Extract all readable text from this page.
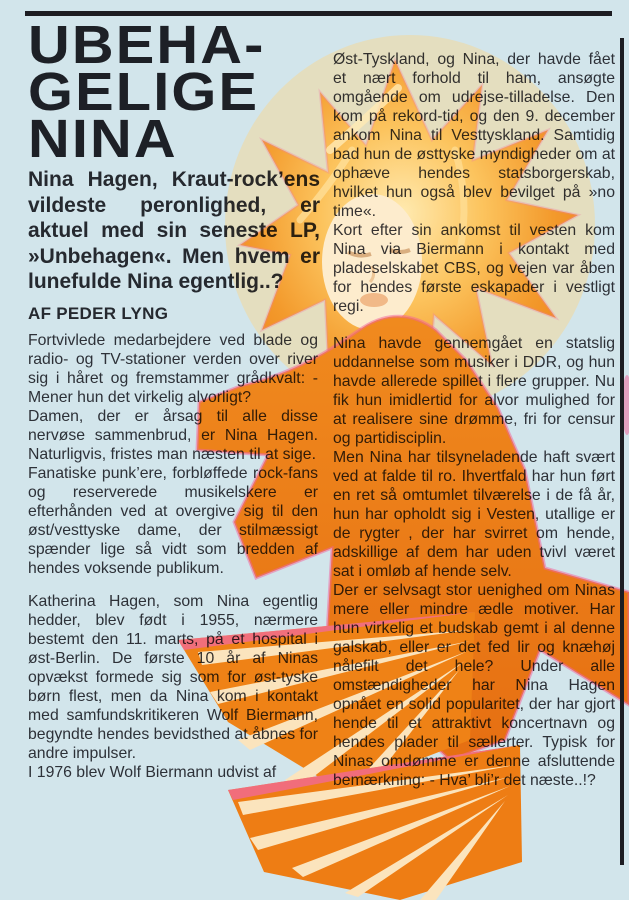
UBEHA-
GELIGE
NINA

Nina Hagen, Kraut-rock’ens vildeste peronlighed, er aktuel med sin seneste LP, »Unbehagen«. Men hvem er lunefulde Nina egentlig..?

AF PEDER LYNG

Fortvivlede medarbejdere ved blade og radio- og TV-stationer verden over river sig i håret og fremstammer grådkvalt: - Mener hun det virkelig alvorligt?

Damen, der er årsag til alle disse nervøse sammenbrud, er Nina Hagen. Naturligvis, fristes man næsten til at sige.

Fanatiske punk’ere, forbløffede rock-fans og reserverede musikelskere er efterhånden ved at overgive sig til den øst/vesttyske dame, der stilmæssigt spænder lige så vidt som bredden af hendes voksende publikum.

Katherina Hagen, som Nina egentlig hedder, blev født i 1955, nærmere bestemt den 11. marts, på et hospital i øst-Berlin. De første 10 år af Ninas opvækst formede sig som for øst-tyske børn flest, men da Nina kom i kontakt med samfundskritikeren Wolf Biermann, begyndte hendes bevidsthed at åbnes for andre impulser.

I 1976 blev Wolf Biermann udvist af

Øst-Tyskland, og Nina, der havde fået et nært forhold til ham, ansøgte omgående om udrejse-tilladelse. Den kom på rekord-tid, og den 9. december ankom Nina til Vesttyskland. Samtidig bad hun de østtyske myndigheder om at ophæve hendes statsborgerskab, hvilket hun også blev bevilget på »no time«.

Kort efter sin ankomst til vesten kom Nina via Biermann i kontakt med pladeselskabet CBS, og vejen var åben for hendes første eskapader i vestligt regi.

Nina havde gennemgået en statslig uddannelse som musiker i DDR, og hun havde allerede spillet i flere grupper. Nu fik hun imidlertid for alvor mulighed for at realisere sine drømme, fri for censur og partidisciplin.

Men Nina har tilsyneladende haft svært ved at falde til ro. Ihvertfald har hun ført en ret så omtumlet tilværelse i de få år, hun har opholdt sig i Vesten, utallige er de rygter , der har svirret om hende, adskillige af dem har uden tvivl været sat i omløb af hende selv.

Der er selvsagt stor uenighed om Ninas mere eller mindre ædle motiver. Har hun virkelig et budskab gemt i al denne galskab, eller er det fed lir og knæhøj nålefilt det hele? Under alle omstændigheder har Nina Hagen opnået en solid popularitet, der har gjort hende til et attraktivt koncertnavn og hendes plader til sællerter. Typisk for Ninas omdømme er denne afsluttende bemærkning: - Hva’ bli’r det næste..!?
